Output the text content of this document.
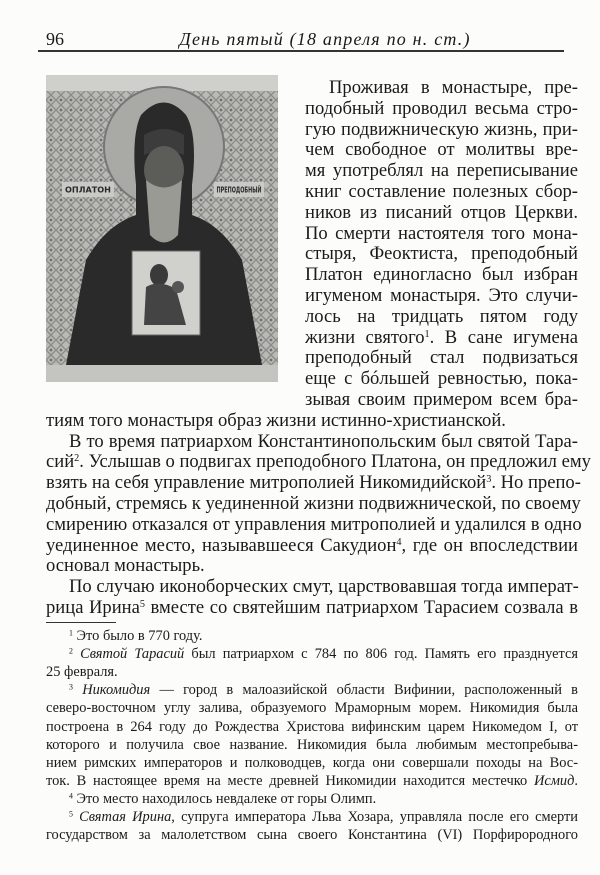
96	День пятый (18 апреля по н. ст.)
ОПЛАТОН	ПРЕПОДОБНЫЙ
Проживая в монастыре, пре-
подобный проводил весьма стро-
гую подвижническую жизнь, при-
чем свободное от молитвы вре-
мя употреблял на переписывание
книг составление полезных сбор-
ников из писаний отцов Церкви.
По смерти настоятеля того мона-
стыря, Феоктиста, преподобный
Платон единогласно был избран
игуменом монастыря. Это случи-
лось на тридцать пятом году
жизни святого$^1$. В сане игумена
преподобный стал подвизаться
еще с бóльшей ревностью, пока-
зывая своим примером всем бра-
тиям того монастыря образ жизни истинно-христианской.
В то время патриархом Константинопольским был святой Тара-
сий$^2$. Услышав о подвигах преподобного Платона, он предложил ему
взять на себя управление митрополией Никомидийской$^3$. Но препо-
добный, стремясь к уединенной жизни подвижнической, по своему
смирению отказался от управления митрополией и удалился в одно
уединенное место, называвшееся Сакудион$^4$, где он впоследствии
основал монастырь.
По случаю иконоборческих смут, царствовавшая тогда императ-
рица Ирина$^5$ вместе со святейшим патриархом Тарасием созвала в
$^1$ Это было в 770 году.
$^2$ Святой Тарасий был патриархом с 784 по 806 год. Память его празднуется
25 февраля.
$^3$ Никомидия — город в малоазийской области Вифинии, расположенный в
северо-восточном углу залива, образуемого Мраморным морем. Никомидия была
построена в 264 году до Рождества Христова вифинским царем Никомедом I, от
которого и получила свое название. Никомидия была любимым местопребыва-
нием римских императоров и полководцев, когда они совершали походы на Вос-
ток. В настоящее время на месте древней Никомидии находится местечко Исмид.
$^4$ Это место находилось невдалеке от горы Олимп.
$^5$ Святая Ирина, супруга императора Льва Хозара, управляла после его смерти
государством за малолетством сына своего Константина (VI) Порфирородного
